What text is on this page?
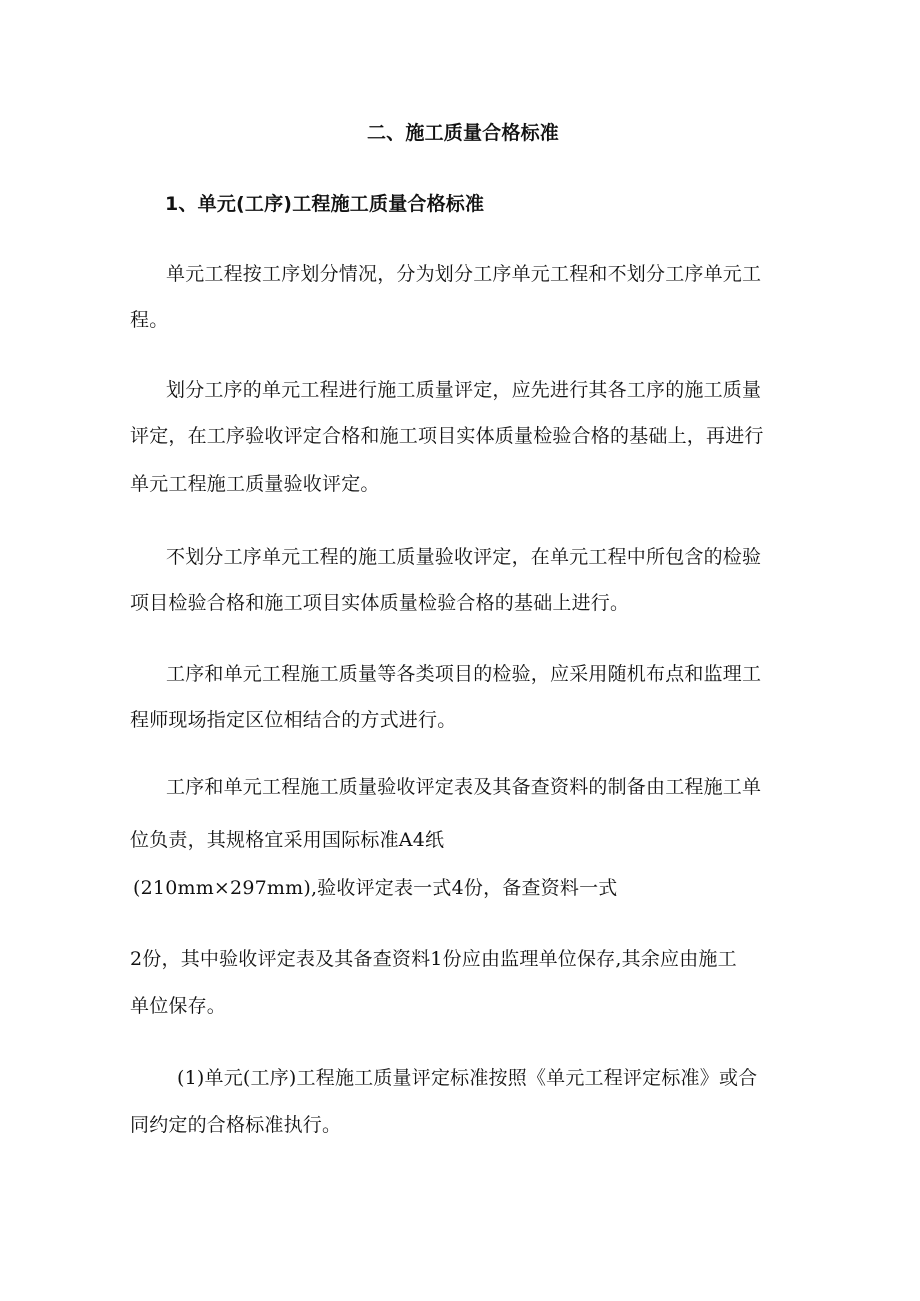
二、施工质量合格标准
1、单元(工序)工程施工质量合格标准
单元工程按工序划分情况，分为划分工序单元工程和不划分工序单元工
程。
划分工序的单元工程进行施工质量评定，应先进行其各工序的施工质量
评定，在工序验收评定合格和施工项目实体质量检验合格的基础上，再进行
单元工程施工质量验收评定。
不划分工序单元工程的施工质量验收评定，在单元工程中所包含的检验
项目检验合格和施工项目实体质量检验合格的基础上进行。
工序和单元工程施工质量等各类项目的检验，应采用随机布点和监理工
程师现场指定区位相结合的方式进行。
工序和单元工程施工质量验收评定表及其备查资料的制备由工程施工单
位负责，其规格宜采用国际标准A4纸
(210mm×297mm),验收评定表一式4份，备查资料一式
2份，其中验收评定表及其备查资料1份应由监理单位保存,其余应由施工
单位保存。
(1)单元(工序)工程施工质量评定标准按照《单元工程评定标准》或合
同约定的合格标准执行。
